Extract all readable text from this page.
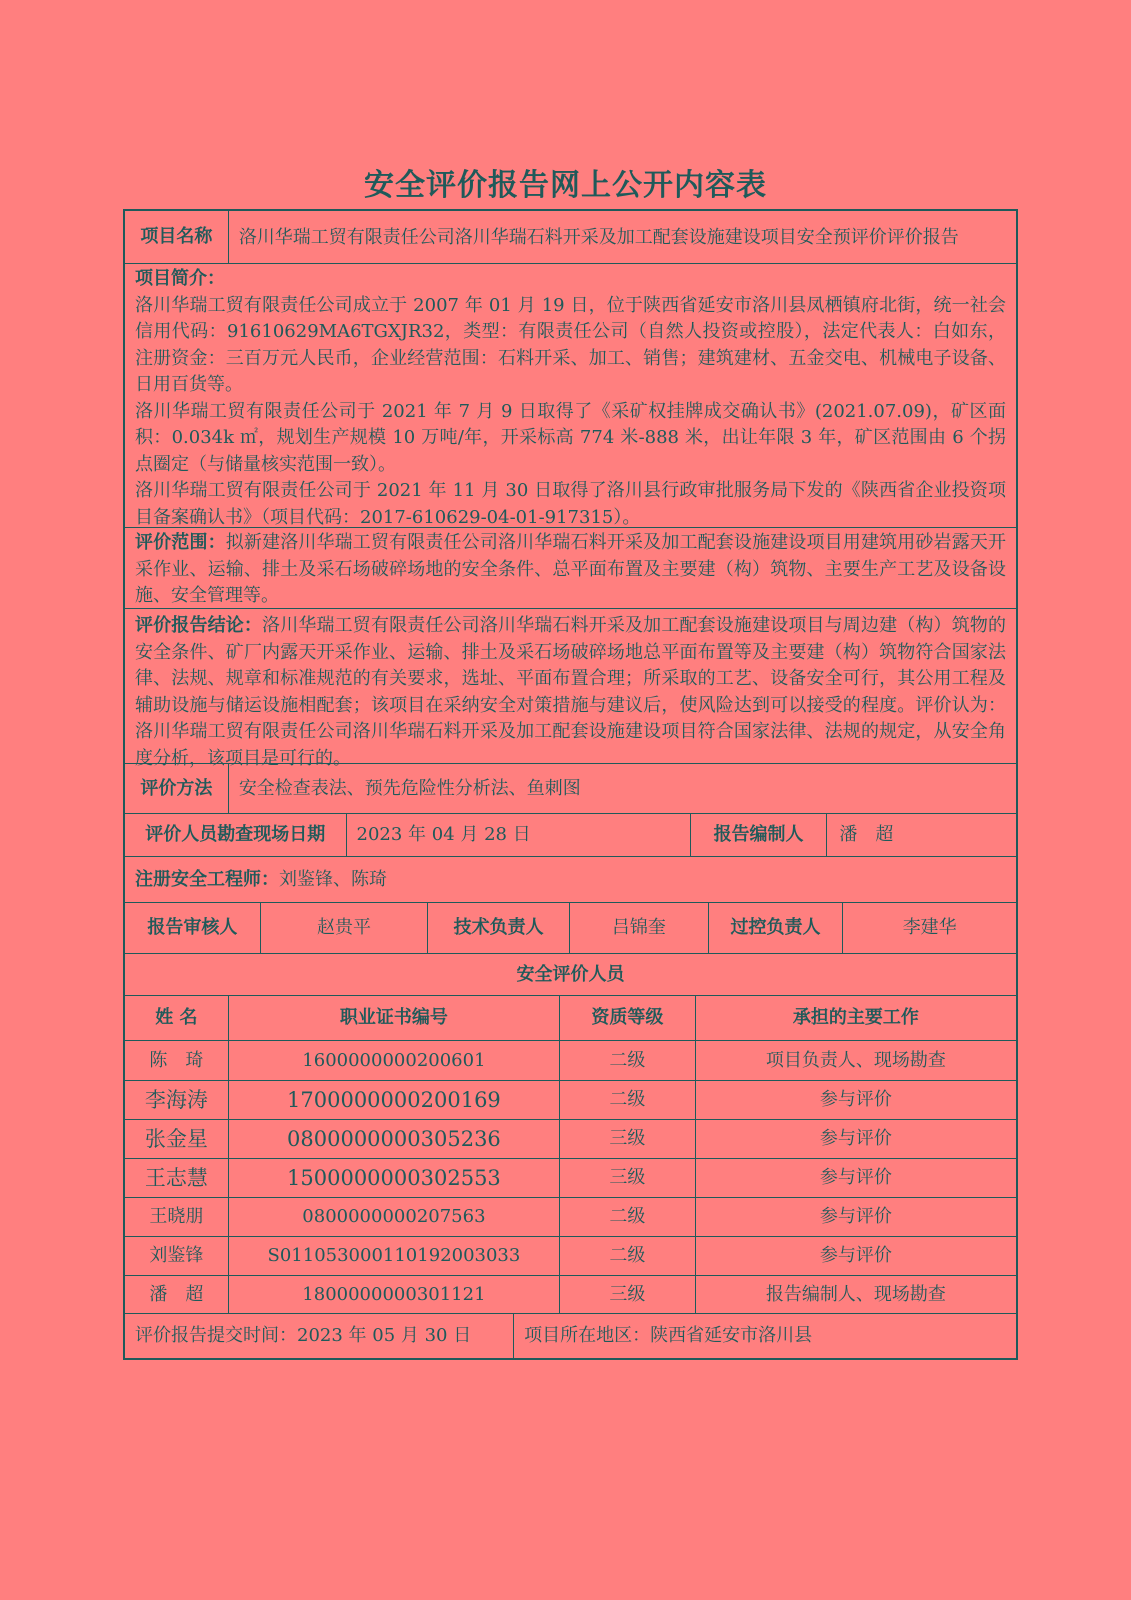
安全评价报告网上公开内容表
项目名称	洛川华瑞工贸有限责任公司洛川华瑞石料开采及加工配套设施建设项目安全预评价评价报告

项目简介：

洛川华瑞工贸有限责任公司成立于 2007 年 01 月 19 日，位于陕西省延安市洛川县凤栖镇府北街，统一社会信用代码：91610629MA6TGXJR32，类型：有限责任公司（自然人投资或控股），法定代表人：白如东，注册资金：三百万元人民币，企业经营范围：石料开采、加工、销售；建筑建材、五金交电、机械电子设备、日用百货等。

洛川华瑞工贸有限责任公司于 2021 年 7 月 9 日取得了《采矿权挂牌成交确认书》(2021.07.09)，矿区面积：0.034k ㎡，规划生产规模 10 万吨/年，开采标高 774 米-888 米，出让年限 3 年，矿区范围由 6 个拐点圈定（与储量核实范围一致）。

洛川华瑞工贸有限责任公司于 2021 年 11 月 30 日取得了洛川县行政审批服务局下发的《陕西省企业投资项目备案确认书》（项目代码：2017-610629-04-01-917315）。

评价范围：拟新建洛川华瑞工贸有限责任公司洛川华瑞石料开采及加工配套设施建设项目用建筑用砂岩露天开采作业、运输、排土及采石场破碎场地的安全条件、总平面布置及主要建（构）筑物、主要生产工艺及设备设施、安全管理等。
评价报告结论：洛川华瑞工贸有限责任公司洛川华瑞石料开采及加工配套设施建设项目与周边建（构）筑物的安全条件、矿厂内露天开采作业、运输、排土及采石场破碎场地总平面布置等及主要建（构）筑物符合国家法律、法规、规章和标准规范的有关要求，选址、平面布置合理；所采取的工艺、设备安全可行，其公用工程及辅助设施与储运设施相配套；该项目在采纳安全对策措施与建议后，使风险达到可以接受的程度。评价认为：洛川华瑞工贸有限责任公司洛川华瑞石料开采及加工配套设施建设项目符合国家法律、法规的规定，从安全角度分析，该项目是可行的。
评价方法	安全检查表法、预先危险性分析法、鱼刺图
评价人员勘查现场日期	2023 年 04 月 28 日	报告编制人	潘　超
注册安全工程师： 刘鉴锋、陈琦
报告审核人	赵贵平	技术负责人	吕锦奎	过控负责人	李建华
安全评价人员
姓 名	职业证书编号	资质等级	承担的主要工作
陈　琦	1600000000200601	二级	项目负责人、现场勘查
李海涛	1700000000200169	二级	参与评价
张金星	0800000000305236	三级	参与评价
王志慧	1500000000302553	三级	参与评价
王晓朋	0800000000207563	二级	参与评价
刘鉴锋	S011053000110192003033	二级	参与评价
潘　超	1800000000301121	三级	报告编制人、现场勘查
评价报告提交时间：2023 年 05 月 30 日	项目所在地区：陕西省延安市洛川县
